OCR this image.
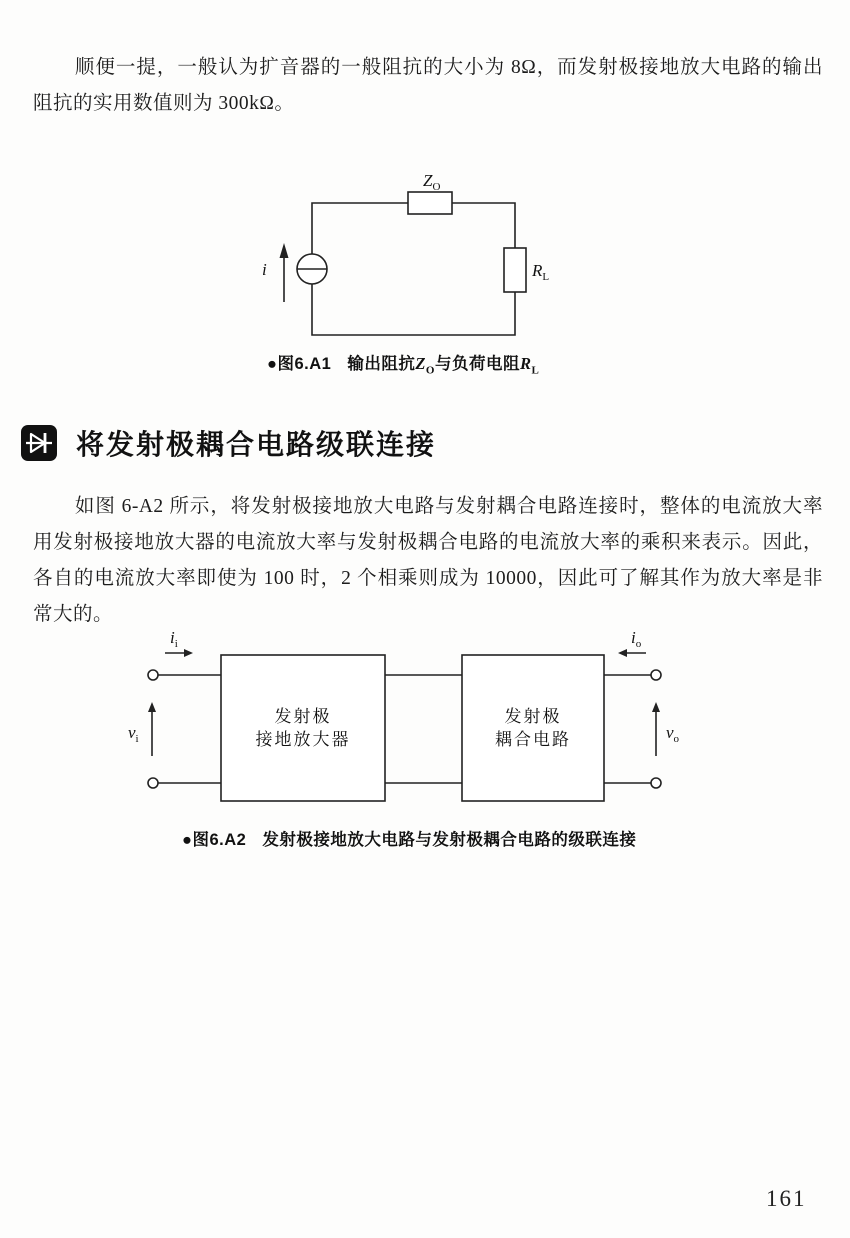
顺便一提，一般认为扩音器的一般阻抗的大小为 8Ω，而发射极接地放大电路的输出阻抗的实用数值则为 300kΩ。

i
$Z_O$
$R_L$
●图6.A1 输出阻抗$Z_O$与负荷电阻$R_L$
将发射极耦合电路级联连接

如图 6-A2 所示，将发射极接地放大电路与发射耦合电路连接时，整体的电流放大率用发射极接地放大器的电流放大率与发射极耦合电路的电流放大率的乘积来表示。因此，各自的电流放大率即使为 100 时，2 个相乘则成为 10000，因此可了解其作为放大率是非常大的。

$i_i$
$v_i$
发射极
接地放大器
发射极
耦合电路
$i_o$
$v_o$
●图6.A2 发射极接地放大电路与发射极耦合电路的级联连接
161
